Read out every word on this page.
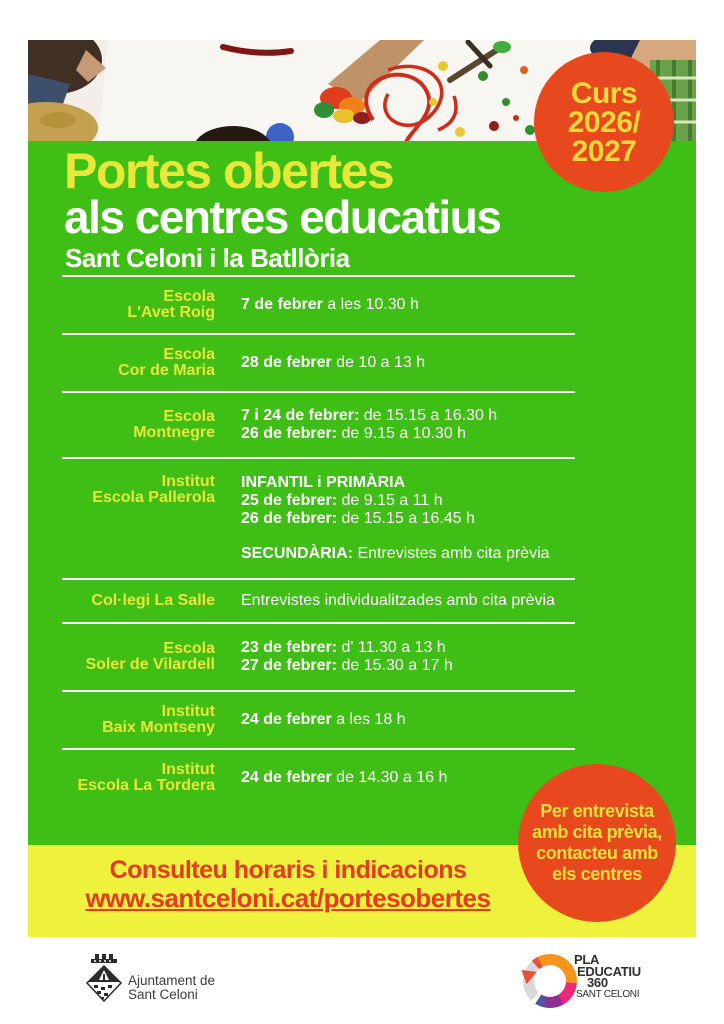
Curs
2026/
2027
Portes obertes
als centres educatius
Sant Celoni i la Batllòria
Escola
L'Avet Roig 7 de febrer a les 10.30 h
Escola
Cor de Maria 28 de febrer de 10 a 13 h
Escola
Montnegre
7 i 24 de febrer: de 15.15 a 16.30 h
26 de febrer: de 9.15 a 10.30 h
Institut
Escola Pallerola
INFANTIL i PRIMÀRIA
25 de febrer: de 9.15 a 11 h
26 de febrer: de 15.15 a 16.45 h
SECUNDÀRIA: Entrevistes amb cita prèvia
Col·legi La Salle Entrevistes individualitzades amb cita prèvia
Escola
Soler de Vilardell
23 de febrer: d' 11.30 a 13 h
27 de febrer: de 15.30 a 17 h
Institut
Baix Montseny 24 de febrer a les 18 h
Institut
Escola La Tordera 24 de febrer de 14.30 a 16 h
Per entrevista
amb cita prèvia,
contacteu amb
els centres
Consulteu horaris i indicacions
www.santceloni.cat/portesobertes
Ajuntament de
Sant Celoni
PLA
EDUCATIU
360
SANT CELONI
